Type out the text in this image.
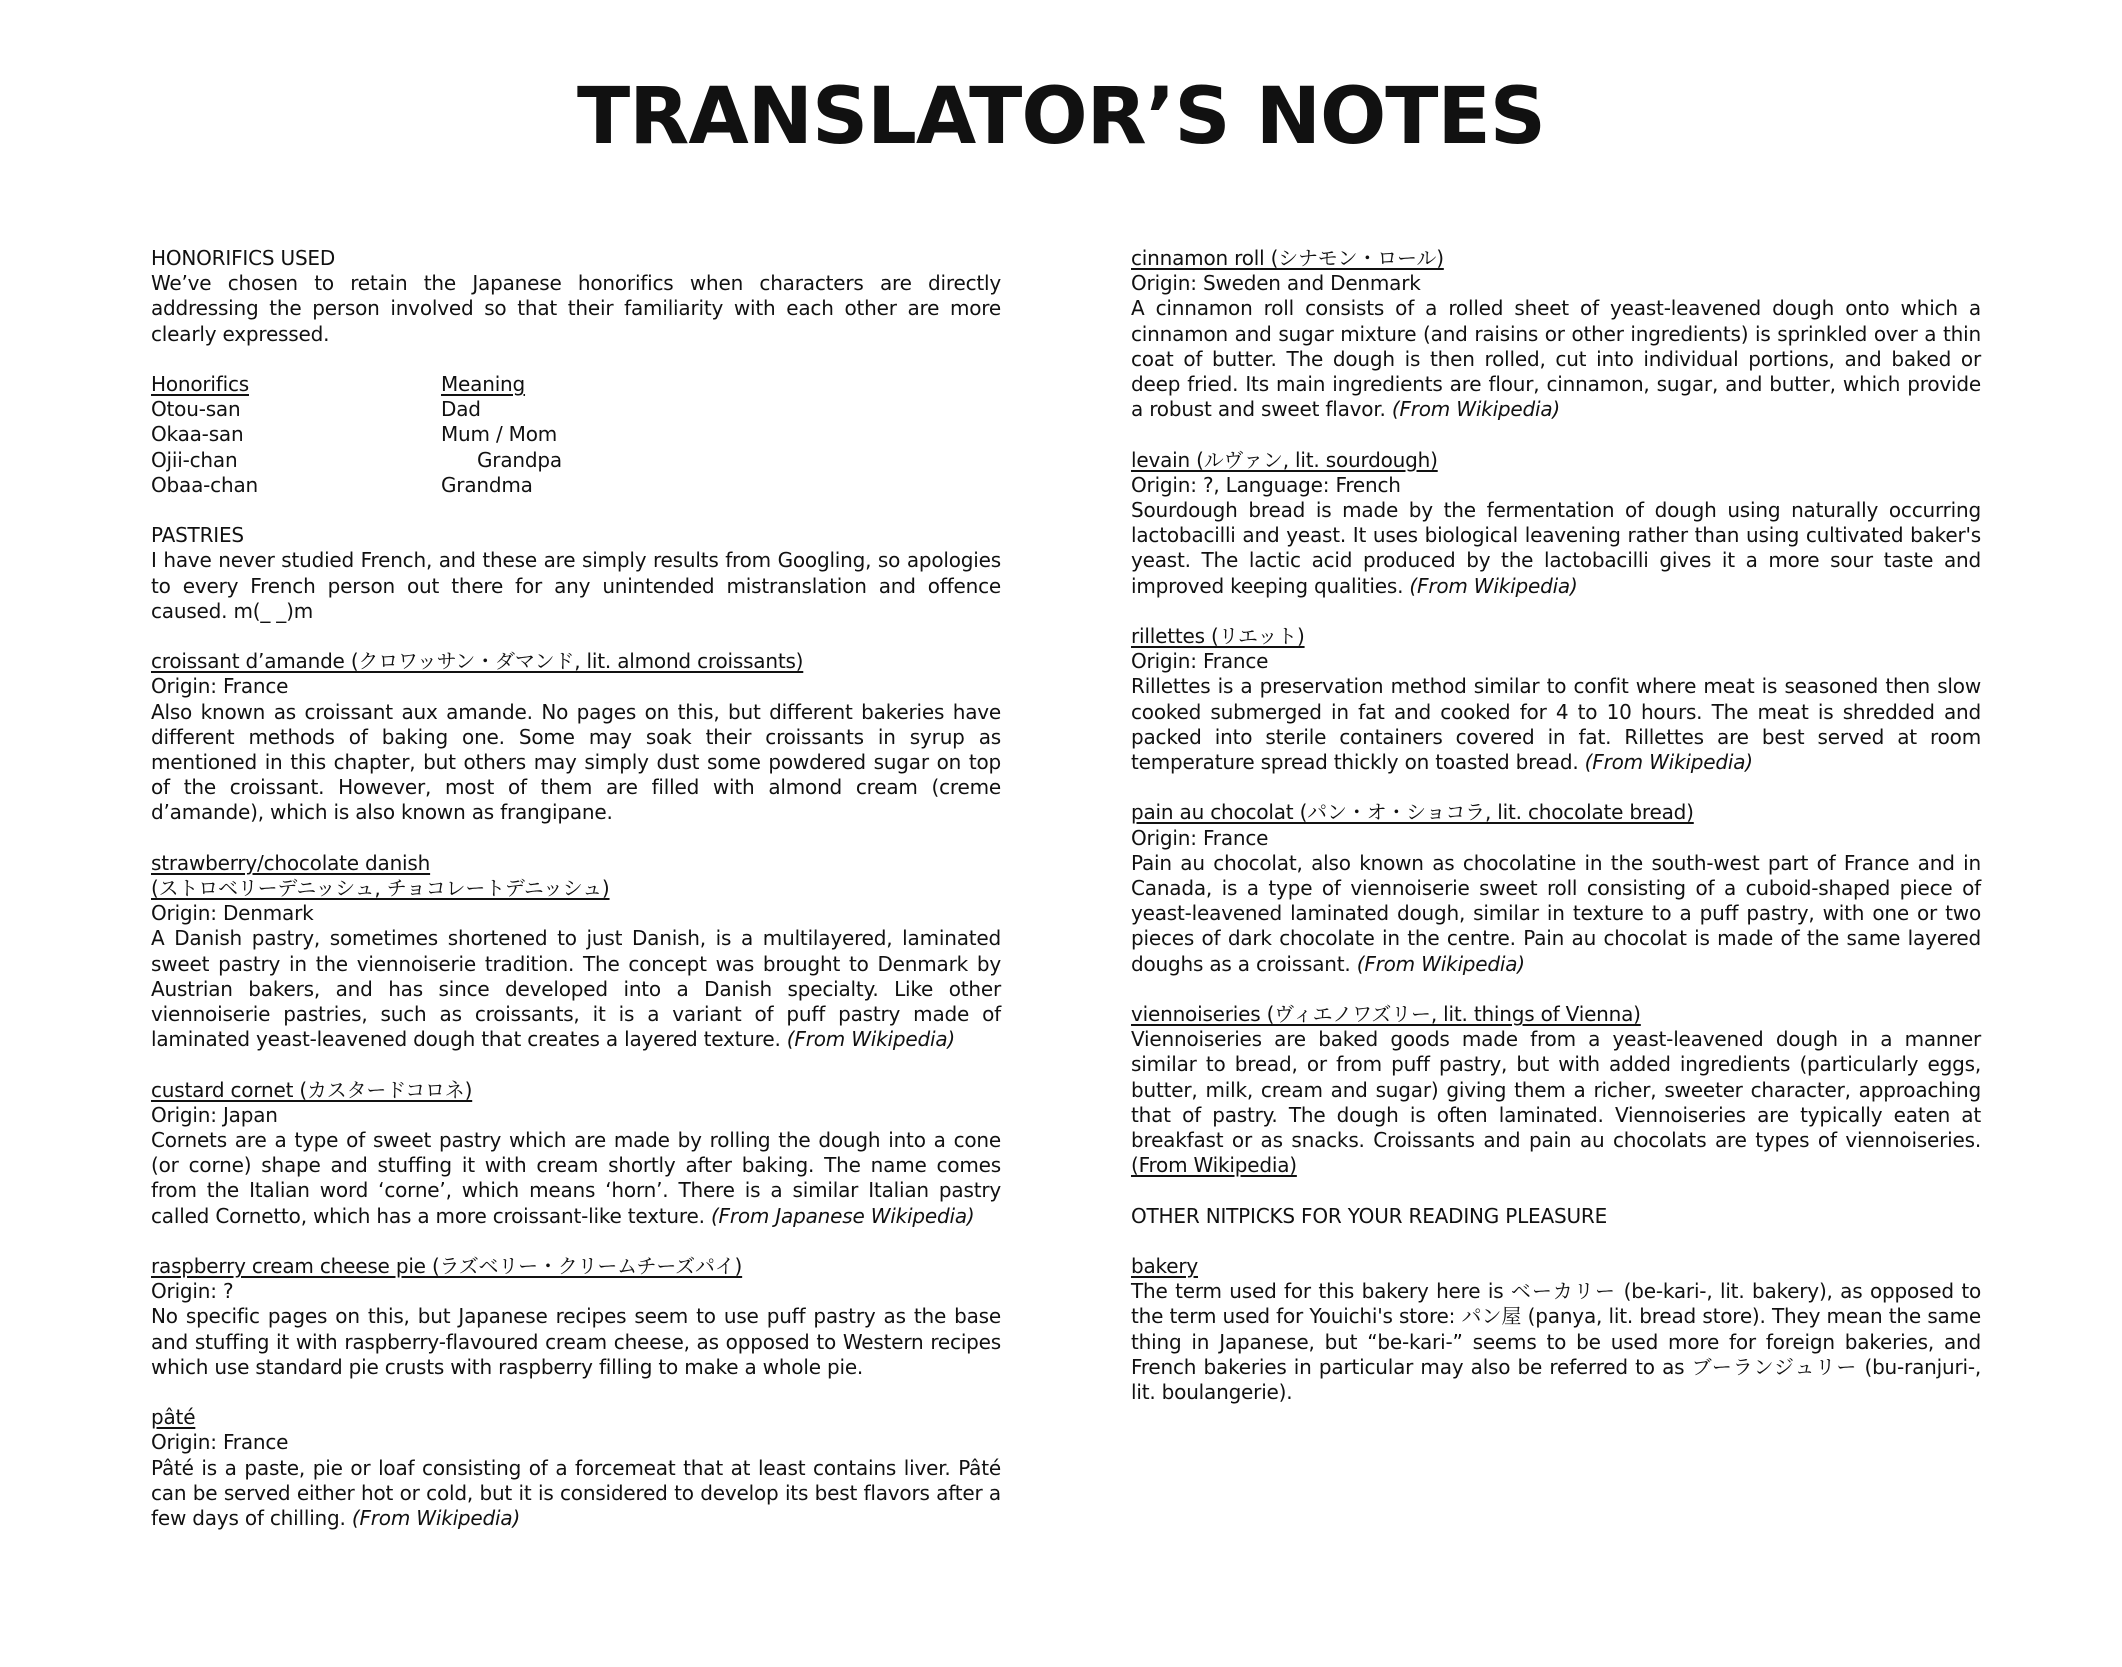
TRANSLATOR’S NOTES

HONORIFICS USED

We’ve chosen to retain the Japanese honorifics when characters are directly addressing the person involved so that their familiarity with each other are more clearly expressed.

Honorifics	Meaning
Otou-san	Dad
Okaa-san	Mum / Mom
Ojii-chan	Grandpa
Obaa-chan	Grandma

PASTRIES

I have never studied French, and these are simply results from Googling, so apologies to every French person out there for any unintended mistranslation and offence caused. m(_ _)m

croissant d’amande (クロワッサン・ダマンド, lit. almond croissants)

Origin: France

Also known as croissant aux amande. No pages on this, but different bakeries have different methods of baking one. Some may soak their croissants in syrup as mentioned in this chapter, but others may simply dust some powdered sugar on top of the croissant. However, most of them are filled with almond cream (creme d’amande), which is also known as frangipane.

strawberry/chocolate danish

(ストロベリーデニッシュ, チョコレートデニッシュ)

Origin: Denmark

A Danish pastry, sometimes shortened to just Danish, is a multilayered, laminated sweet pastry in the viennoiserie tradition. The concept was brought to Denmark by Austrian bakers, and has since developed into a Danish specialty. Like other viennoiserie pastries, such as croissants, it is a variant of puff pastry made of laminated yeast-leavened dough that creates a layered texture. (From Wikipedia)

custard cornet (カスタードコロネ)

Origin: Japan

Cornets are a type of sweet pastry which are made by rolling the dough into a cone (or corne) shape and stuffing it with cream shortly after baking. The name comes from the Italian word ‘corne’, which means ‘horn’. There is a similar Italian pastry called Cornetto, which has a more croissant-like texture. (From Japanese Wikipedia)

raspberry cream cheese pie (ラズベリー・クリームチーズパイ)

Origin: ?

No specific pages on this, but Japanese recipes seem to use puff pastry as the base and stuffing it with raspberry-flavoured cream cheese, as opposed to Western recipes which use standard pie crusts with raspberry filling to make a whole pie.

pâté

Origin: France

Pâté is a paste, pie or loaf consisting of a forcemeat that at least contains liver. Pâté can be served either hot or cold, but it is considered to develop its best flavors after a few days of chilling. (From Wikipedia)

cinnamon roll (シナモン・ロール)

Origin: Sweden and Denmark

A cinnamon roll consists of a rolled sheet of yeast-leavened dough onto which a cinnamon and sugar mixture (and raisins or other ingredients) is sprinkled over a thin coat of butter. The dough is then rolled, cut into individual portions, and baked or deep fried. Its main ingredients are flour, cinnamon, sugar, and butter, which provide a robust and sweet flavor. (From Wikipedia)

levain (ルヴァン, lit. sourdough)

Origin: ?, Language: French

Sourdough bread is made by the fermentation of dough using naturally occurring lactobacilli and yeast. It uses biological leavening rather than using cultivated baker's yeast. The lactic acid produced by the lactobacilli gives it a more sour taste and improved keeping qualities. (From Wikipedia)

rillettes (リエット)

Origin: France

Rillettes is a preservation method similar to confit where meat is seasoned then slow cooked submerged in fat and cooked for 4 to 10 hours. The meat is shredded and packed into sterile containers covered in fat. Rillettes are best served at room temperature spread thickly on toasted bread. (From Wikipedia)

pain au chocolat (パン・オ・ショコラ, lit. chocolate bread)

Origin: France

Pain au chocolat, also known as chocolatine in the south-west part of France and in Canada, is a type of viennoiserie sweet roll consisting of a cuboid-shaped piece of yeast-leavened laminated dough, similar in texture to a puff pastry, with one or two pieces of dark chocolate in the centre. Pain au chocolat is made of the same layered doughs as a croissant. (From Wikipedia)

viennoiseries (ヴィエノワズリー, lit. things of Vienna)

Viennoiseries are baked goods made from a yeast-leavened dough in a manner similar to bread, or from puff pastry, but with added ingredients (particularly eggs, butter, milk, cream and sugar) giving them a richer, sweeter character, approaching that of pastry. The dough is often laminated. Viennoiseries are typically eaten at breakfast or as snacks. Croissants and pain au chocolats are types of viennoiseries. (From Wikipedia)

OTHER NITPICKS FOR YOUR READING PLEASURE

bakery

The term used for this bakery here is ベーカリー (be-kari-, lit. bakery), as opposed to the term used for Youichi's store: パン屋 (panya, lit. bread store). They mean the same thing in Japanese, but “be-kari-” seems to be used more for foreign bakeries, and French bakeries in particular may also be referred to as ブーランジュリー (bu-ranjuri-, lit. boulangerie).
